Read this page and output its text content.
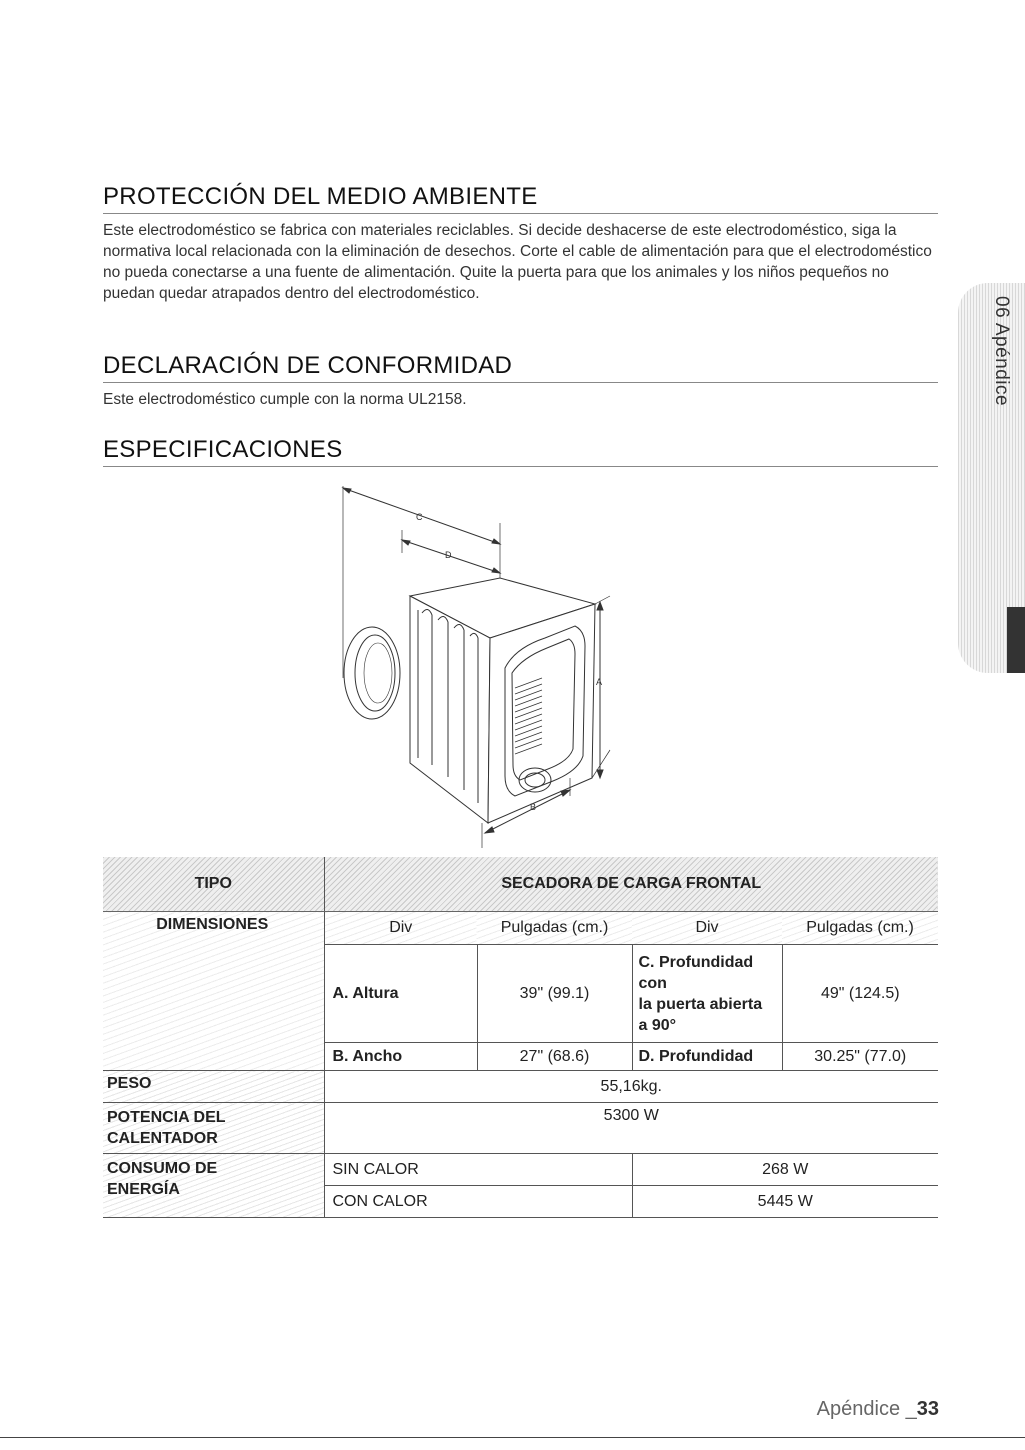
PROTECCIÓN DEL MEDIO AMBIENTE

Este electrodoméstico se fabrica con materiales reciclables. Si decide deshacerse de este electrodoméstico, siga la normativa local relacionada con la eliminación de desechos. Corte el cable de alimentación para que el electrodoméstico no pueda conectarse a una fuente de alimentación. Quite la puerta para que los animales y los niños pequeños no puedan quedar atrapados dentro del electrodoméstico.

DECLARACIÓN DE CONFORMIDAD

Este electrodoméstico cumple con la norma UL2158.

ESPECIFICACIONES
06 Apéndice
C
D
A
B
TIPO	SECADORA DE CARGA FRONTAL			
DIMENSIONES	Div	Pulgadas (cm.)	Div	Pulgadas (cm.)
	A. Altura	39" (99.1)	C. Profundidad
con
la puerta abierta
a 90°	49" (124.5)
	B. Ancho	27" (68.6)	D. Profundidad	30.25" (77.0)
PESO	55,16kg.			

POTENCIA DEL
CALENTADOR	5300 W			

CONSUMO DE
ENERGÍA	SIN CALOR		268 W	
	CON CALOR		5445 W	
Apéndice _33
